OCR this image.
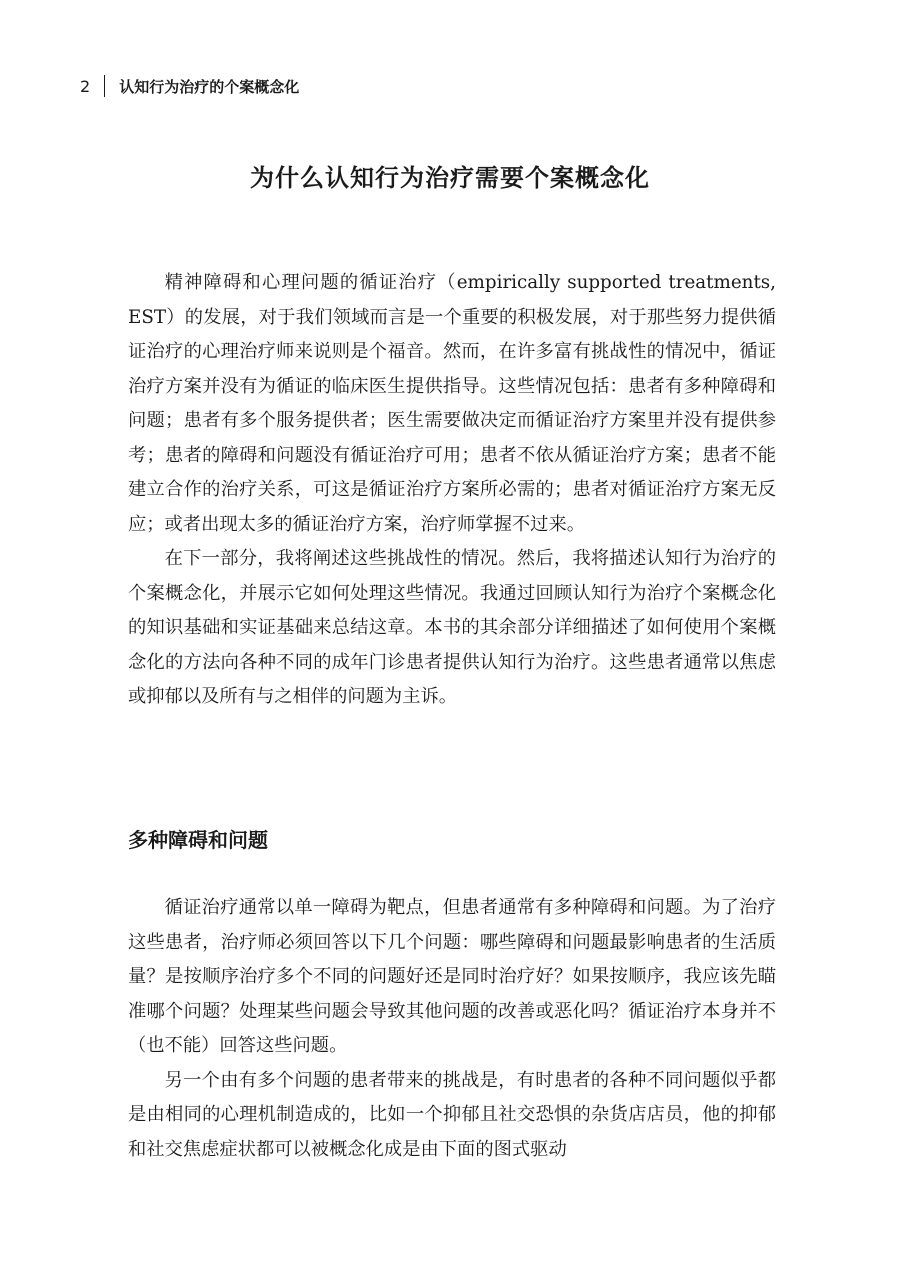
2 认知行为治疗的个案概念化
为什么认知行为治疗需要个案概念化

精神障碍和心理问题的循证治疗（empirically supported treatments, EST）的发展，对于我们领域而言是一个重要的积极发展，对于那些努力提供循证治疗的心理治疗师来说则是个福音。然而，在许多富有挑战性的情况中，循证治疗方案并没有为循证的临床医生提供指导。这些情况包括：患者有多种障碍和问题；患者有多个服务提供者；医生需要做决定而循证治疗方案里并没有提供参考；患者的障碍和问题没有循证治疗可用；患者不依从循证治疗方案；患者不能建立合作的治疗关系，可这是循证治疗方案所必需的；患者对循证治疗方案无反应；或者出现太多的循证治疗方案，治疗师掌握不过来。

在下一部分，我将阐述这些挑战性的情况。然后，我将描述认知行为治疗的个案概念化，并展示它如何处理这些情况。我通过回顾认知行为治疗个案概念化的知识基础和实证基础来总结这章。本书的其余部分详细描述了如何使用个案概念化的方法向各种不同的成年门诊患者提供认知行为治疗。这些患者通常以焦虑或抑郁以及所有与之相伴的问题为主诉。

多种障碍和问题

循证治疗通常以单一障碍为靶点，但患者通常有多种障碍和问题。为了治疗这些患者，治疗师必须回答以下几个问题：哪些障碍和问题最影响患者的生活质量？是按顺序治疗多个不同的问题好还是同时治疗好？如果按顺序，我应该先瞄准哪个问题？处理某些问题会导致其他问题的改善或恶化吗？循证治疗本身并不（也不能）回答这些问题。

另一个由有多个问题的患者带来的挑战是，有时患者的各种不同问题似乎都是由相同的心理机制造成的，比如一个抑郁且社交恐惧的杂货店店员，他的抑郁和社交焦虑症状都可以被概念化成是由下面的图式驱动
